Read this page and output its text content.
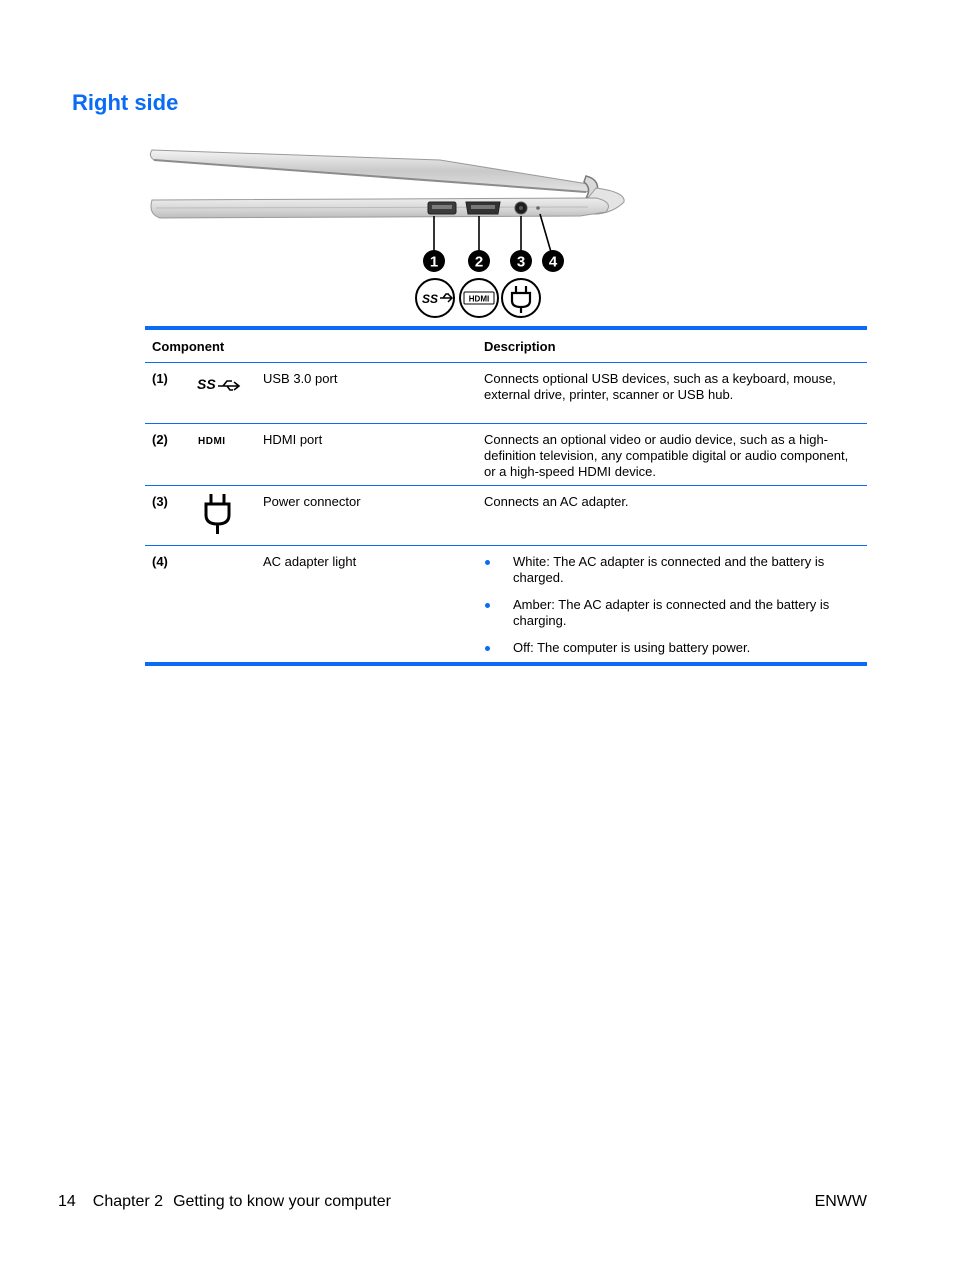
Right side
1 2 3 4
SS	HDMI
Component	Description
(1) SS	USB 3.0 port	Connects optional USB devices, such as a keyboard, mouse, external drive, printer, scanner or USB hub.
(2)	HDMI	HDMI port	Connects an optional video or audio device, such as a high-definition television, any compatible digital or audio component, or a high-speed HDMI device.
(3)	Power connector	Connects an AC adapter.
(4)	AC adapter light	White: The AC adapter is connected and the battery is charged.
Amber: The AC adapter is connected and the battery is charging.
Off: The computer is using battery power.
14 Chapter 2 Getting to know your computer	ENWW
